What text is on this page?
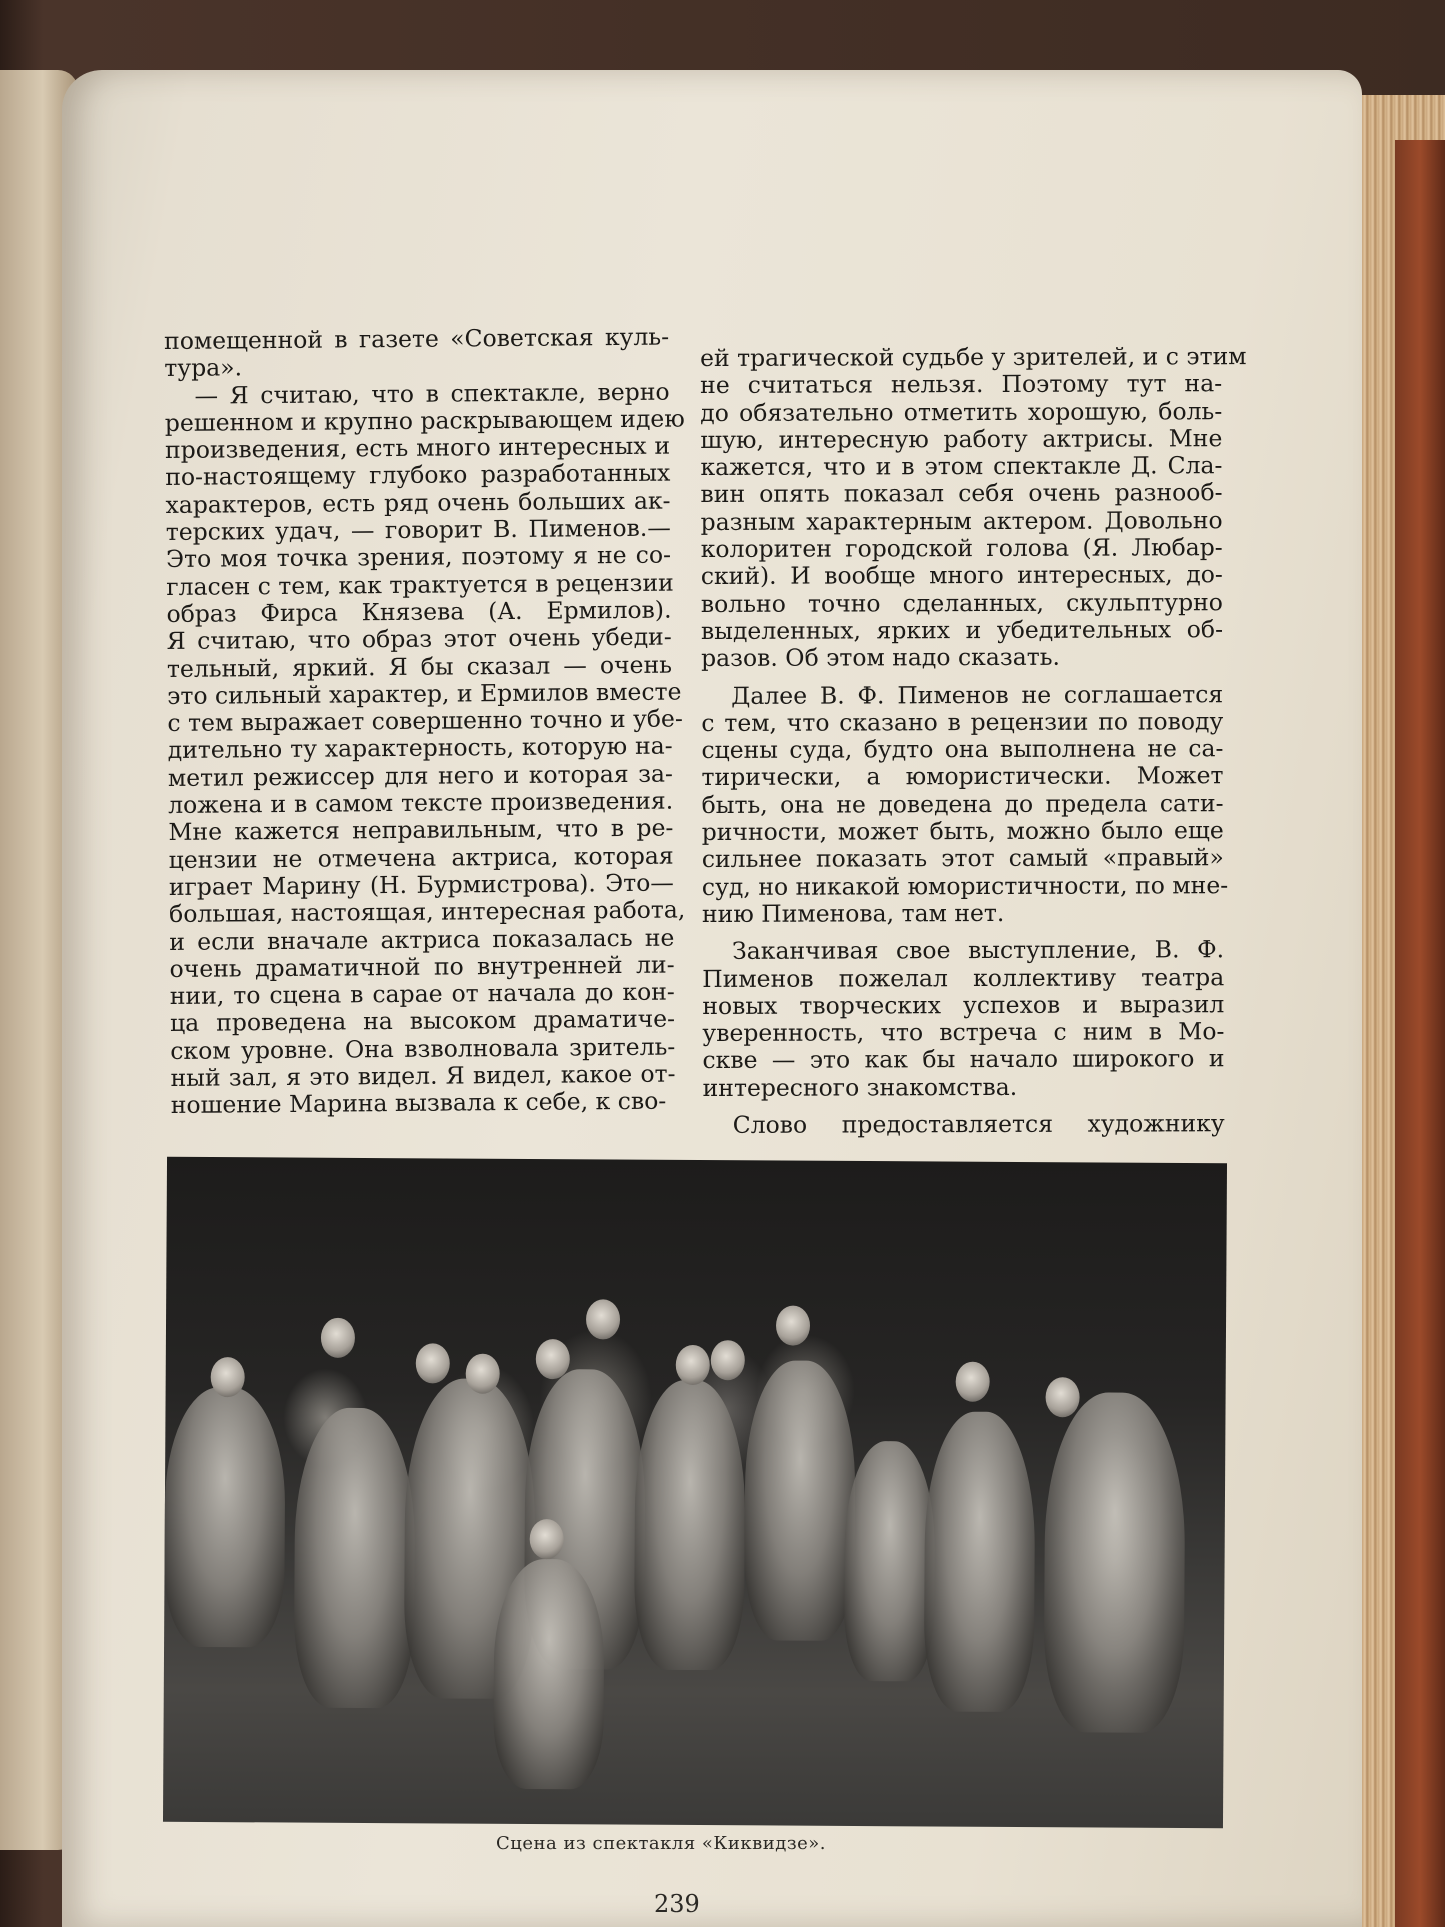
помещенной в газете «Советская куль-
тура».
— Я считаю, что в спектакле, верно
решенном и крупно раскрывающем идею
произведения, есть много интересных и
по-настоящему глубоко разработанных
характеров, есть ряд очень больших ак-
терских удач, — говорит В. Пименов.—
Это моя точка зрения, поэтому я не со-
гласен с тем, как трактуется в рецензии
образ Фирса Князева (А. Ермилов).
Я считаю, что образ этот очень убеди-
тельный, яркий. Я бы сказал — очень
это сильный характер, и Ермилов вместе
с тем выражает совершенно точно и убе-
дительно ту характерность, которую на-
метил режиссер для него и которая за-
ложена и в самом тексте произведения.
Мне кажется неправильным, что в ре-
цензии не отмечена актриса, которая
играет Марину (Н. Бурмистрова). Это—
большая, настоящая, интересная работа,
и если вначале актриса показалась не
очень драматичной по внутренней ли-
нии, то сцена в сарае от начала до кон-
ца проведена на высоком драматиче-
ском уровне. Она взволновала зритель-
ный зал, я это видел. Я видел, какое от-
ношение Марина вызвала к себе, к сво-
ей трагической судьбе у зрителей, и с этим
не считаться нельзя. Поэтому тут на-
до обязательно отметить хорошую, боль-
шую, интересную работу актрисы. Мне
кажется, что и в этом спектакле Д. Сла-
вин опять показал себя очень разнооб-
разным характерным актером. Довольно
колоритен городской голова (Я. Любар-
ский). И вообще много интересных, до-
вольно точно сделанных, скульптурно
выделенных, ярких и убедительных об-
разов. Об этом надо сказать.
Далее В. Ф. Пименов не соглашается
с тем, что сказано в рецензии по поводу
сцены суда, будто она выполнена не са-
тирически, а юмористически. Может
быть, она не доведена до предела сати-
ричности, может быть, можно было еще
сильнее показать этот самый «правый»
суд, но никакой юмористичности, по мне-
нию Пименова, там нет.
Заканчивая свое выступление, В. Ф.
Пименов пожелал коллективу театра
новых творческих успехов и выразил
уверенность, что встреча с ним в Мо-
скве — это как бы начало широкого и
интересного знакомства.
Слово предоставляется художнику
Сцена из спектакля «Киквидзе».
239
